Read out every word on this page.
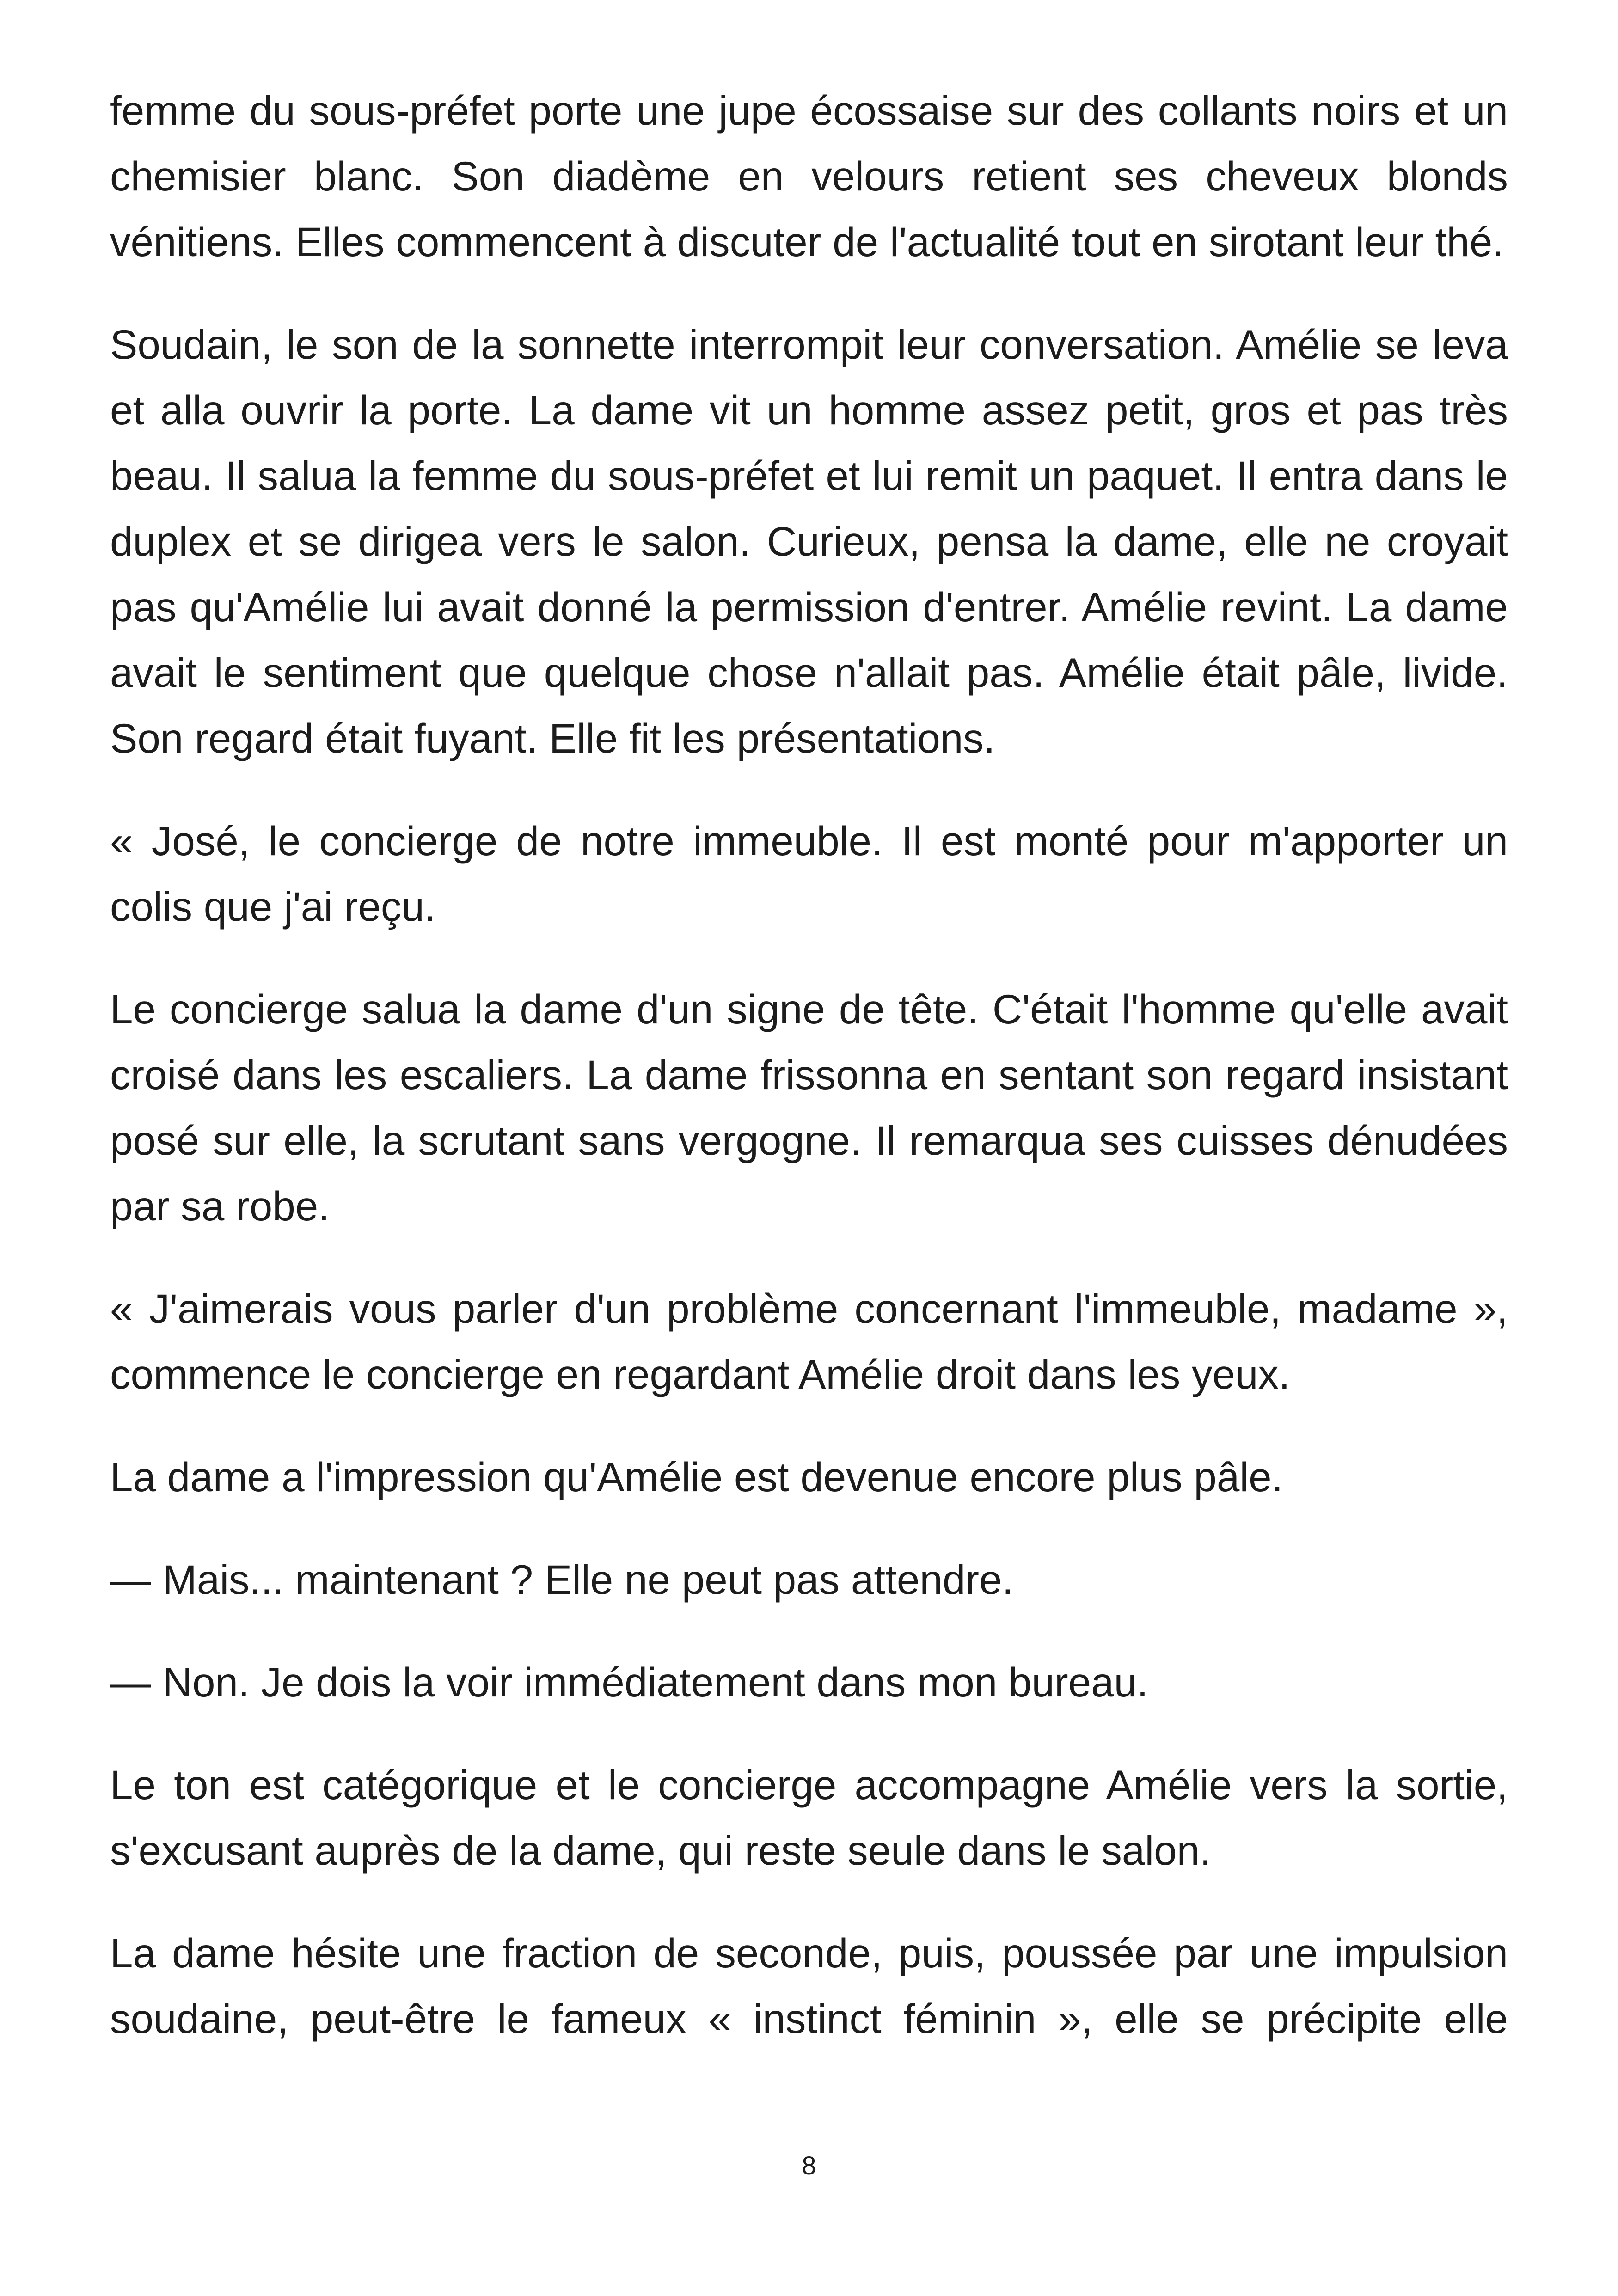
femme du sous-préfet porte une jupe écossaise sur des collants noirs et un chemisier blanc. Son diadème en velours retient ses cheveux blonds vénitiens. Elles commencent à discuter de l'actualité tout en sirotant leur thé.

Soudain, le son de la sonnette interrompit leur conversation. Amélie se leva et alla ouvrir la porte. La dame vit un homme assez petit, gros et pas très beau. Il salua la femme du sous-préfet et lui remit un paquet. Il entra dans le duplex et se dirigea vers le salon. Curieux, pensa la dame, elle ne croyait pas qu'Amélie lui avait donné la permission d'entrer. Amélie revint. La dame avait le sentiment que quelque chose n'allait pas. Amélie était pâle, livide. Son regard était fuyant. Elle fit les présentations.

« José, le concierge de notre immeuble. Il est monté pour m'apporter un colis que j'ai reçu.

Le concierge salua la dame d'un signe de tête. C'était l'homme qu'elle avait croisé dans les escaliers. La dame frissonna en sentant son regard insistant posé sur elle, la scrutant sans vergogne. Il remarqua ses cuisses dénudées par sa robe.

« J'aimerais vous parler d'un problème concernant l'immeuble, madame », commence le concierge en regardant Amélie droit dans les yeux.

La dame a l'impression qu'Amélie est devenue encore plus pâle.

— Mais... maintenant ? Elle ne peut pas attendre.

— Non. Je dois la voir immédiatement dans mon bureau.

Le ton est catégorique et le concierge accompagne Amélie vers la sortie, s'excusant auprès de la dame, qui reste seule dans le salon.

La dame hésite une fraction de seconde, puis, poussée par une impulsion soudaine, peut-être le fameux « instinct féminin », elle se précipite elle

8
